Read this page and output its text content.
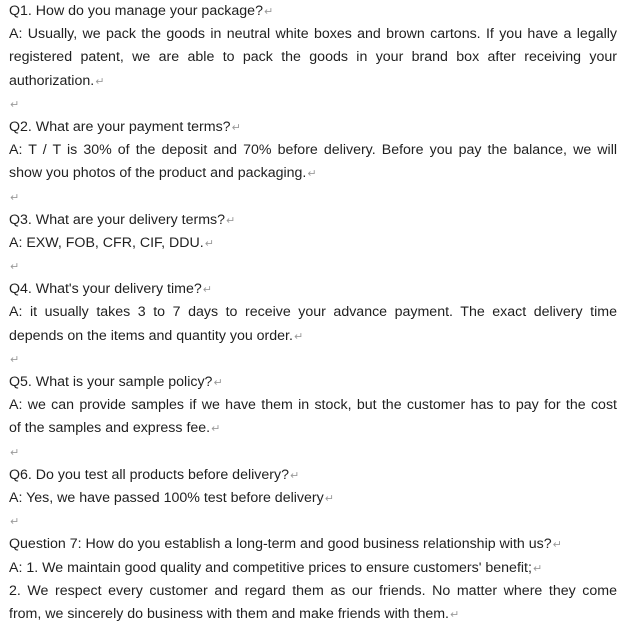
Q1. How do you manage your package?↵
A: Usually, we pack the goods in neutral white boxes and brown cartons. If you have a legally
registered patent, we are able to pack the goods in your brand box after receiving your
authorization.↵
↵
Q2. What are your payment terms?↵
A: T / T is 30% of the deposit and 70% before delivery. Before you pay the balance, we will
show you photos of the product and packaging.↵
↵
Q3. What are your delivery terms?↵
A: EXW, FOB, CFR, CIF, DDU.↵
↵
Q4. What's your delivery time?↵
A: it usually takes 3 to 7 days to receive your advance payment. The exact delivery time
depends on the items and quantity you order.↵
↵
Q5. What is your sample policy?↵
A: we can provide samples if we have them in stock, but the customer has to pay for the cost
of the samples and express fee.↵
↵
Q6. Do you test all products before delivery?↵
A: Yes, we have passed 100% test before delivery↵
↵
Question 7: How do you establish a long-term and good business relationship with us?↵
A: 1. We maintain good quality and competitive prices to ensure customers' benefit;↵
2. We respect every customer and regard them as our friends. No matter where they come
from, we sincerely do business with them and make friends with them.↵
